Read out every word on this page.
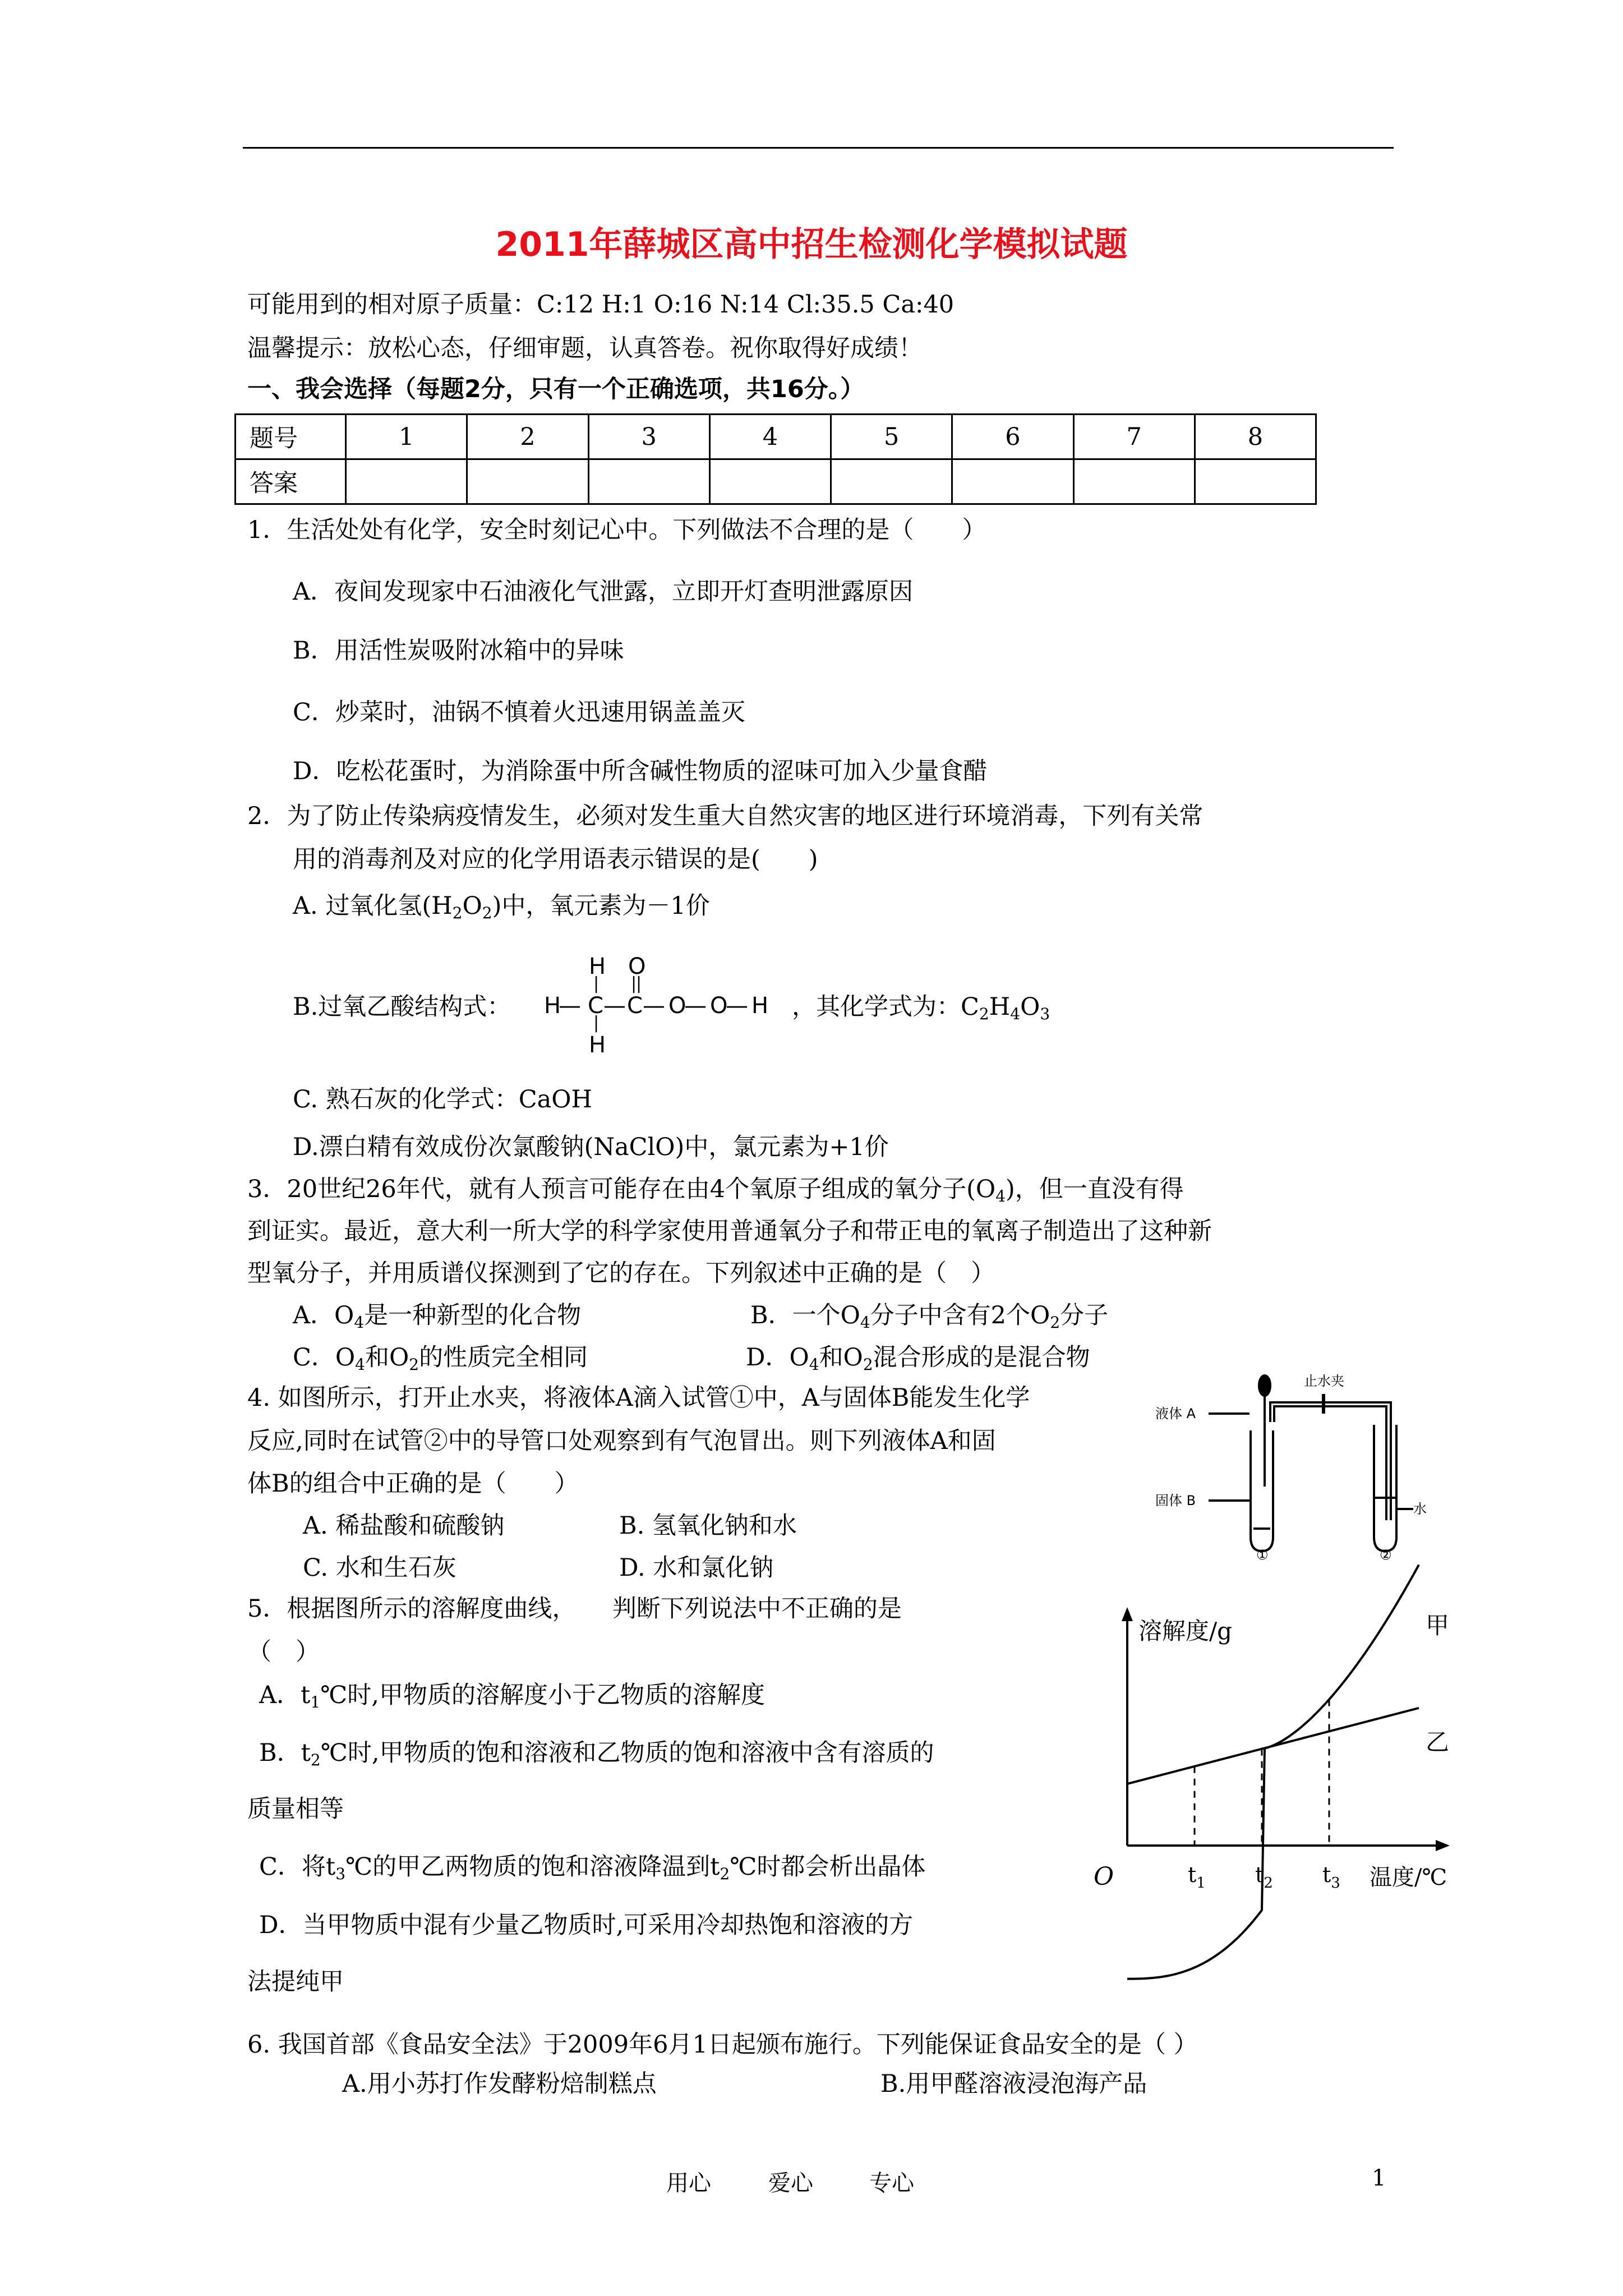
2011年薛城区高中招生检测化学模拟试题
可能用到的相对原子质量：C:12 H:1 O:16 N:14 Cl:35.5 Ca:40
温馨提示：放松心态，仔细审题，认真答卷。祝你取得好成绩！
一、我会选择（每题2分，只有一个正确选项，共16分。）
题号	1	2	3	4	5	6	7	8
答案								
1．生活处处有化学，安全时刻记心中。下列做法不合理的是（　　）
A．夜间发现家中石油液化气泄露，立即开灯查明泄露原因
B．用活性炭吸附冰箱中的异味
C．炒菜时，油锅不慎着火迅速用锅盖盖灭
D．吃松花蛋时，为消除蛋中所含碱性物质的涩味可加入少量食醋
2．为了防止传染病疫情发生，必须对发生重大自然灾害的地区进行环境消毒，下列有关常
用的消毒剂及对应的化学用语表示错误的是(　　)
A. 过氧化氢$(H_2O_2)$中，氧元素为－1价
B.过氧乙酸结构式：
H
|
O
|
|
H
— C — C — O
— O
— H
|
H
，其化学式为：$C_2H_4O_3$
C. 熟石灰的化学式：CaOH
D.漂白精有效成份次氯酸钠(NaClO)中，氯元素为+1价
3．20世纪26年代，就有人预言可能存在由4个氧原子组成的氧分子$(O_4)$，但一直没有得
到证实。最近，意大利一所大学的科学家使用普通氧分子和带正电的氧离子制造出了这种新
型氧分子，并用质谱仪探测到了它的存在。下列叙述中正确的是（　）
A．$O_4$是一种新型的化合物	B．一个$O_4$分子中含有2个$O_2$分子
C．$O_4$和$O_2$的性质完全相同	D．$O_4$和$O_2$混合形成的是混合物
4. 如图所示，打开止水夹，将液体A滴入试管①中，A与固体B能发生化学
反应,同时在试管②中的导管口处观察到有气泡冒出。则下列液体A和固
体B的组合中正确的是（　　）
A. 稀盐酸和硫酸钠	B. 氢氧化钠和水
C. 水和生石灰	D. 水和氯化钠
止水夹
液体 A
固体 B
水
①	②
5．根据图所示的溶解度曲线，　　判断下列说法中不正确的是
（　）
A．$t_1℃$时,甲物质的溶解度小于乙物质的溶解度
B．$t_2℃$时,甲物质的饱和溶液和乙物质的饱和溶液中含有溶质的
质量相等
C．将$t_3℃$的甲乙两物质的饱和溶液降温到$t_2℃$时都会析出晶体
D．当甲物质中混有少量乙物质时,可采用冷却热饱和溶液的方
法提纯甲
溶解度/g
温度/℃
O
甲
乙
$t_1$ $t_2$ $t_3$
6. 我国首部《食品安全法》于2009年6月1日起颁布施行。下列能保证食品安全的是（ ）
A.用小苏打作发酵粉焙制糕点	B.用甲醛溶液浸泡海产品
用心	爱心	专心	1
